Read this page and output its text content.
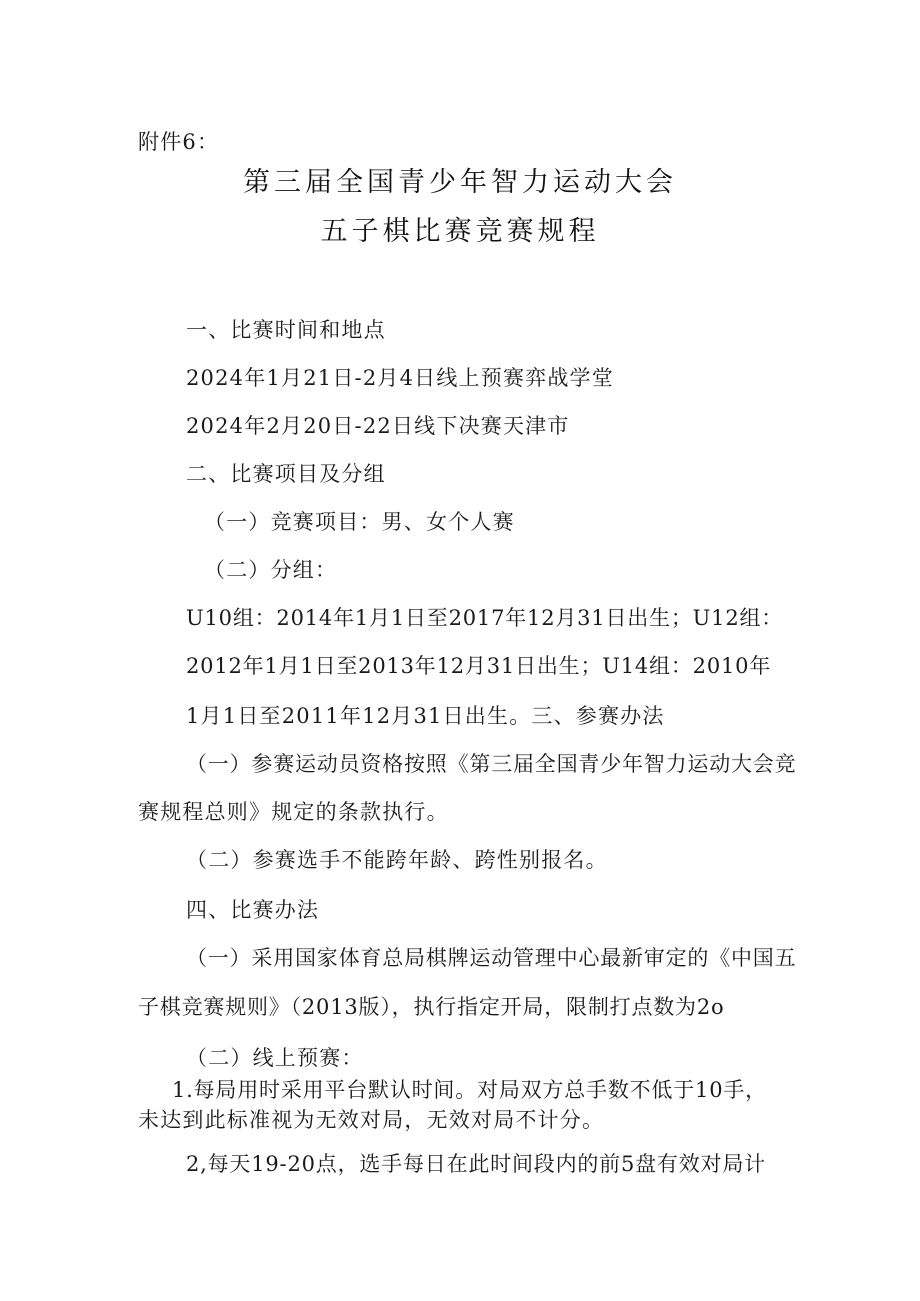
附件6：
第三届全国青少年智力运动大会
五子棋比赛竞赛规程
一、比赛时间和地点
2024年1月21日-2月4日线上预赛弈战学堂
2024年2月20日-22日线下决赛天津市
二、比赛项目及分组
（一）竞赛项目：男、女个人赛
（二）分组：
U10组：2014年1月1日至2017年12月31日出生；U12组：
2012年1月1日至2013年12月31日出生；U14组：2010年
1月1日至2011年12月31日出生。三、参赛办法
（一）参赛运动员资格按照《第三届全国青少年智力运动大会竞
赛规程总则》规定的条款执行。
（二）参赛选手不能跨年龄、跨性别报名。
四、比赛办法
（一）采用国家体育总局棋牌运动管理中心最新审定的《中国五
子棋竞赛规则》（2013版），执行指定开局，限制打点数为2o
（二）线上预赛：
1.每局用时采用平台默认时间。对局双方总手数不低于10手，
未达到此标准视为无效对局，无效对局不计分。
2,每天19-20点，选手每日在此时间段内的前5盘有效对局计
